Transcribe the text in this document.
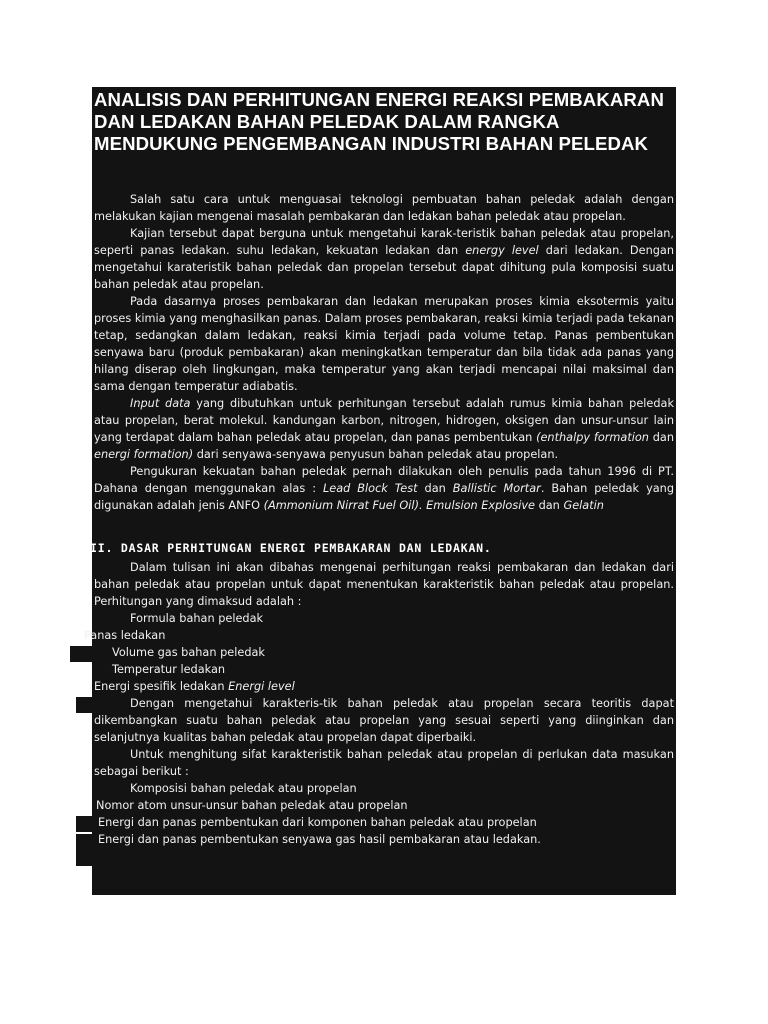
ANALISIS DAN PERHITUNGAN ENERGI REAKSI PEMBAKARAN DAN LEDAKAN BAHAN PELEDAK DALAM RANGKA MENDUKUNG PENGEMBANGAN INDUSTRI BAHAN PELEDAK

Salah satu cara untuk menguasai teknologi pembuatan bahan peledak adalah dengan melakukan kajian mengenai masalah pembakaran dan ledakan bahan peledak atau propelan.

Kajian tersebut dapat berguna untuk mengetahui karak-teristik bahan peledak atau propelan, seperti panas ledakan. suhu ledakan, kekuatan ledakan dan energy level dari ledakan. Dengan mengetahui karateristik bahan peledak dan propelan tersebut dapat dihitung pula komposisi suatu bahan peledak atau propelan.

Pada dasarnya proses pembakaran dan ledakan merupakan proses kimia eksotermis yaitu proses kimia yang menghasilkan panas. Dalam proses pembakaran, reaksi kimia terjadi pada tekanan tetap, sedangkan dalam ledakan, reaksi kimia terjadi pada volume tetap. Panas pembentukan senyawa baru (produk pembakaran) akan meningkatkan temperatur dan bila tidak ada panas yang hilang diserap oleh lingkungan, maka temperatur yang akan terjadi mencapai nilai maksimal dan sama dengan temperatur adiabatis.

Input data yang dibutuhkan untuk perhitungan tersebut adalah rumus kimia bahan peledak atau propelan, berat molekul. kandungan karbon, nitrogen, hidrogen, oksigen dan unsur-unsur lain yang terdapat dalam bahan peledak atau propelan, dan panas pembentukan (enthalpy formation dan energi formation) dari senyawa-senyawa penyusun bahan peledak atau propelan.

Pengukuran kekuatan bahan peledak pernah dilakukan oleh penulis pada tahun 1996 di PT. Dahana dengan menggunakan alas : Lead Block Test dan Ballistic Mortar. Bahan peledak yang digunakan adalah jenis ANFO (Ammonium Nirrat Fuel Oil). Emulsion Explosive dan Gelatin

II. DASAR PERHITUNGAN ENERGI PEMBAKARAN DAN LEDAKAN.

Dalam tulisan ini akan dibahas mengenai perhitungan reaksi pembakaran dan ledakan dari bahan peledak atau propelan untuk dapat menentukan karakteristik bahan peledak atau propelan. Perhitungan yang dimaksud adalah :

Formula bahan peledak

Panas ledakan

Volume gas bahan peledak

Temperatur ledakan

Energi spesifik ledakan Energi level

Dengan mengetahui karakteris-tik bahan peledak atau propelan secara teoritis dapat dikembangkan suatu bahan peledak atau propelan yang sesuai seperti yang diinginkan dan selanjutnya kualitas bahan peledak atau propelan dapat diperbaiki.

Untuk menghitung sifat karakteristik bahan peledak atau propelan di perlukan data masukan sebagai berikut :

Komposisi bahan peledak atau propelan

Nomor atom unsur-unsur bahan peledak atau propelan

Energi dan panas pembentukan dari komponen bahan peledak atau propelan

Energi dan panas pembentukan senyawa gas hasil pembakaran atau ledakan.
